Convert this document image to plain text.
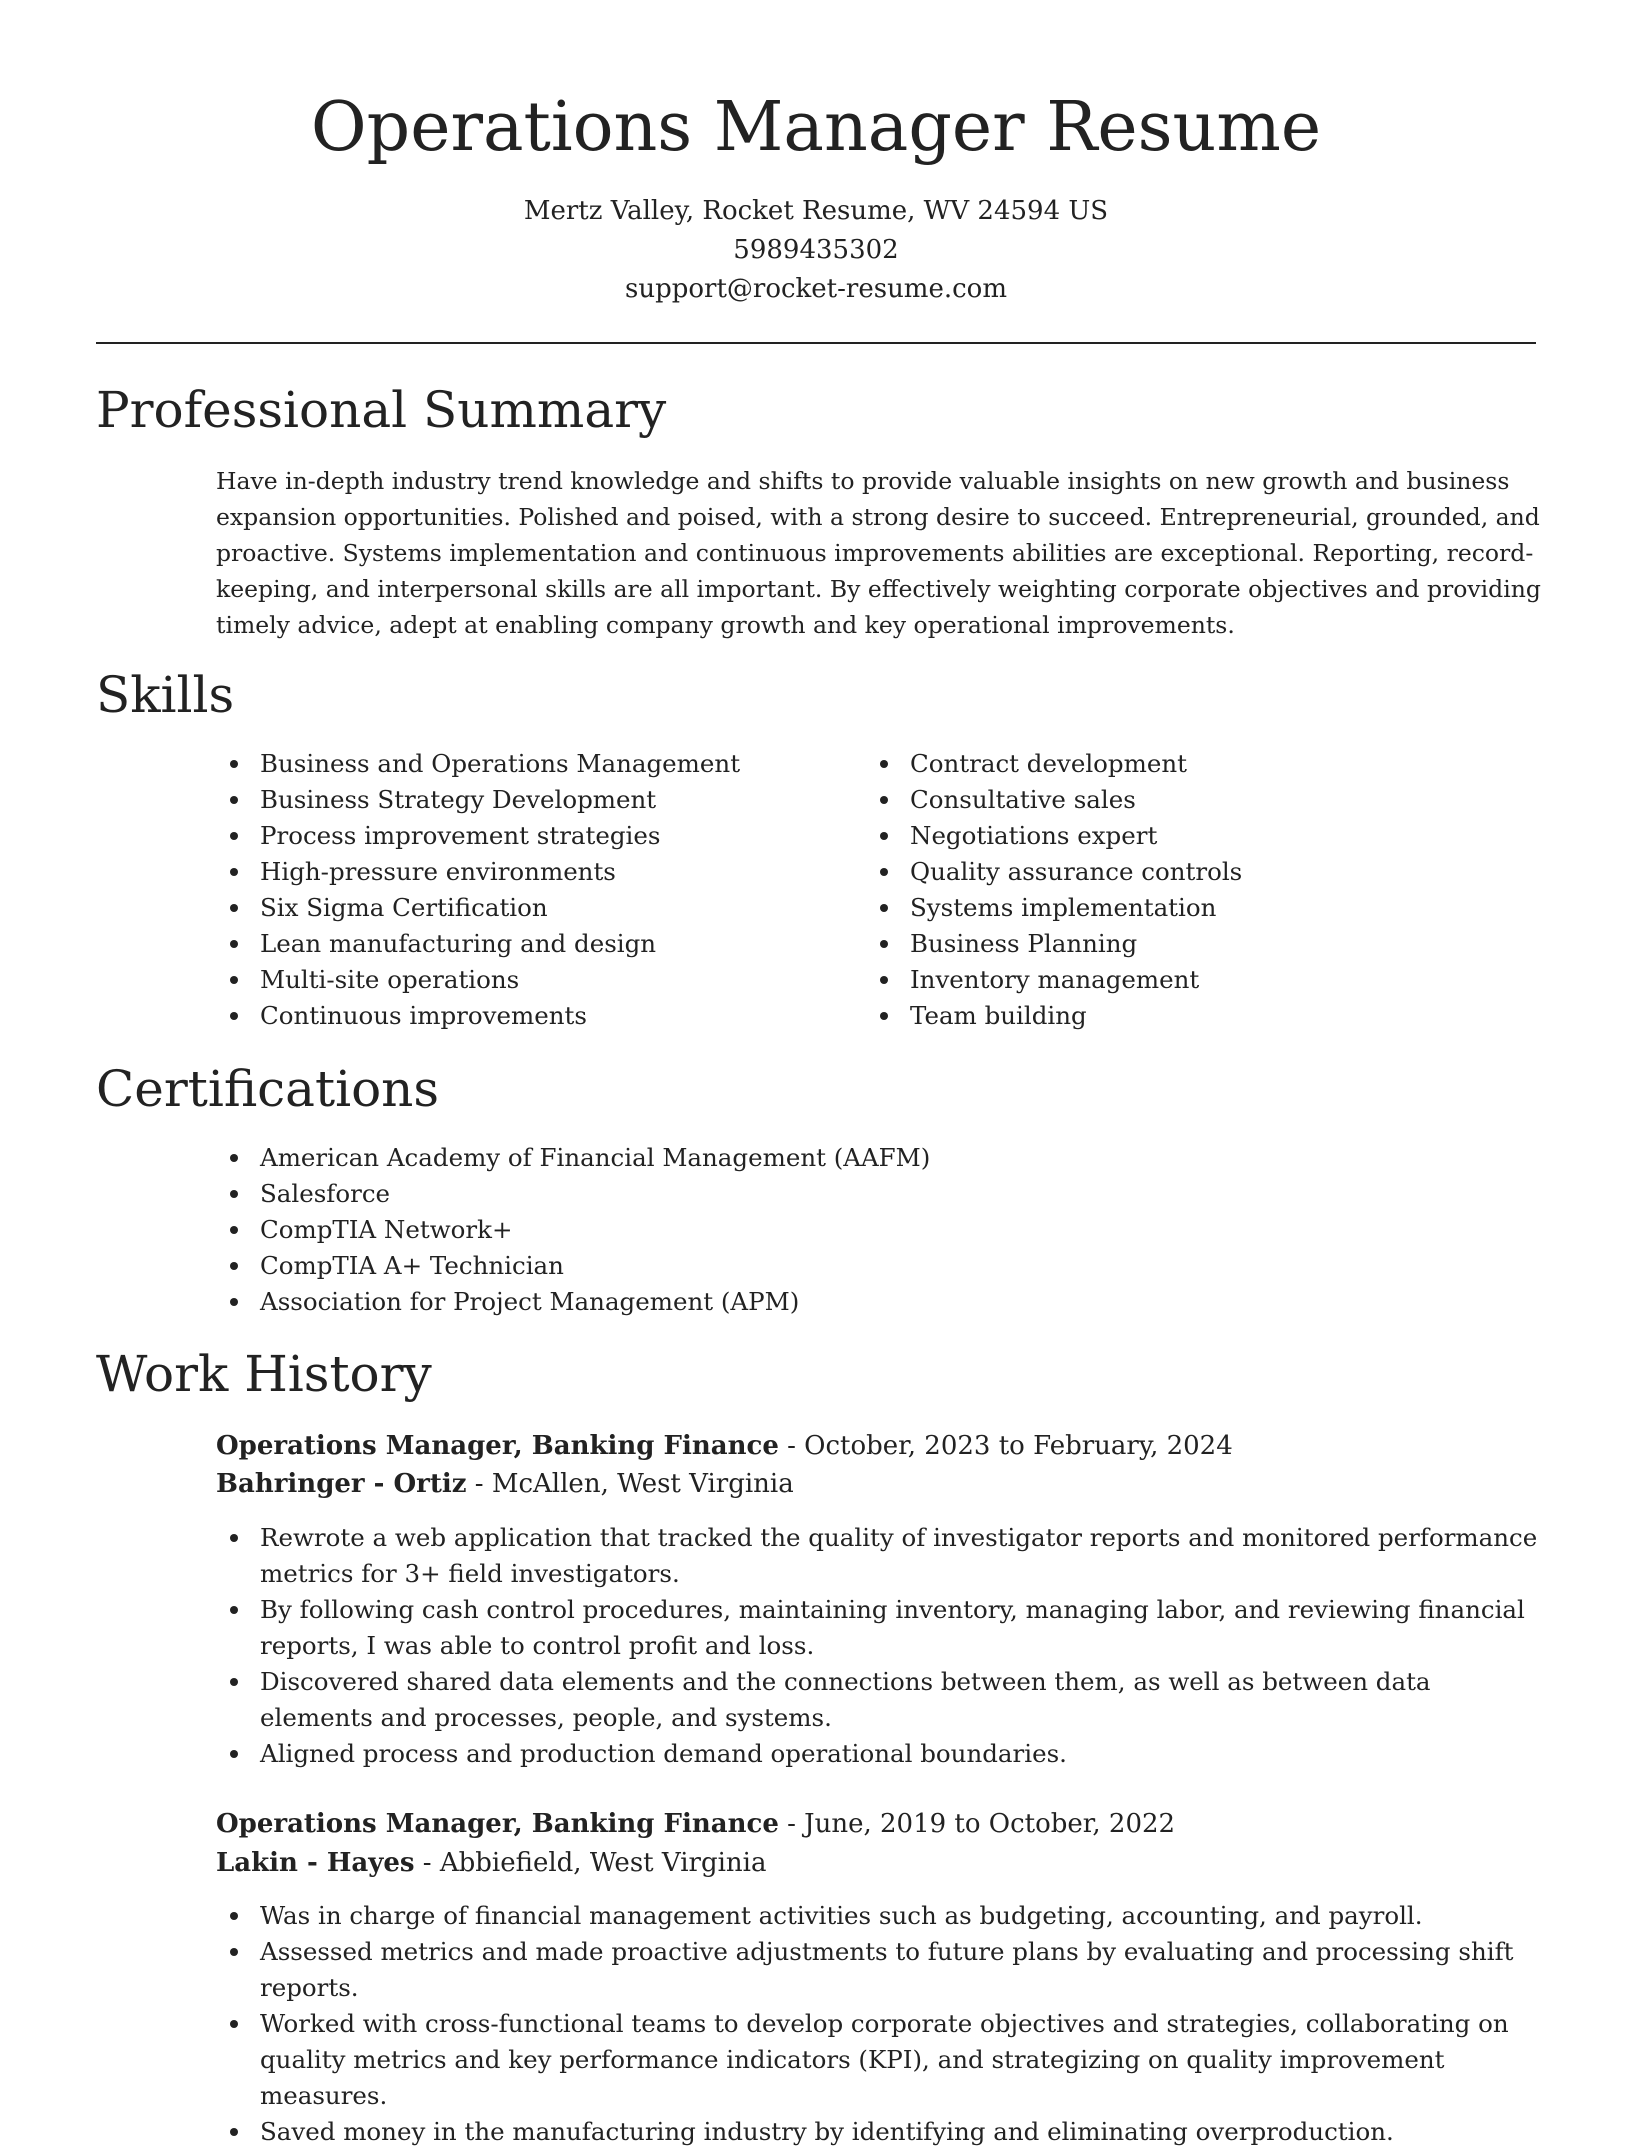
Operations Manager Resume
Mertz Valley, Rocket Resume, WV 24594 US
5989435302
support@rocket-resume.com
Professional Summary
Have in-depth industry trend knowledge and shifts to provide valuable insights on new growth and business expansion opportunities. Polished and poised, with a strong desire to succeed. Entrepreneurial, grounded, and proactive. Systems implementation and continuous improvements abilities are exceptional. Reporting, record-keeping, and interpersonal skills are all important. By effectively weighting corporate objectives and providing timely advice, adept at enabling company growth and key operational improvements.
Skills
Business and Operations Management
Business Strategy Development
Process improvement strategies
High-pressure environments
Six Sigma Certification
Lean manufacturing and design
Multi-site operations
Continuous improvements
Contract development
Consultative sales
Negotiations expert
Quality assurance controls
Systems implementation
Business Planning
Inventory management
Team building
Certifications
American Academy of Financial Management (AAFM)
Salesforce
CompTIA Network+
CompTIA A+ Technician
Association for Project Management (APM)
Work History
Operations Manager, Banking Finance - October, 2023 to February, 2024
Bahringer - Ortiz - McAllen, West Virginia
Rewrote a web application that tracked the quality of investigator reports and monitored performance metrics for 3+ field investigators.
By following cash control procedures, maintaining inventory, managing labor, and reviewing financial reports, I was able to control profit and loss.
Discovered shared data elements and the connections between them, as well as between data elements and processes, people, and systems.
Aligned process and production demand operational boundaries.
Operations Manager, Banking Finance - June, 2019 to October, 2022
Lakin - Hayes - Abbiefield, West Virginia
Was in charge of financial management activities such as budgeting, accounting, and payroll.
Assessed metrics and made proactive adjustments to future plans by evaluating and processing shift reports.
Worked with cross-functional teams to develop corporate objectives and strategies, collaborating on quality metrics and key performance indicators (KPI), and strategizing on quality improvement measures.
Saved money in the manufacturing industry by identifying and eliminating overproduction.
